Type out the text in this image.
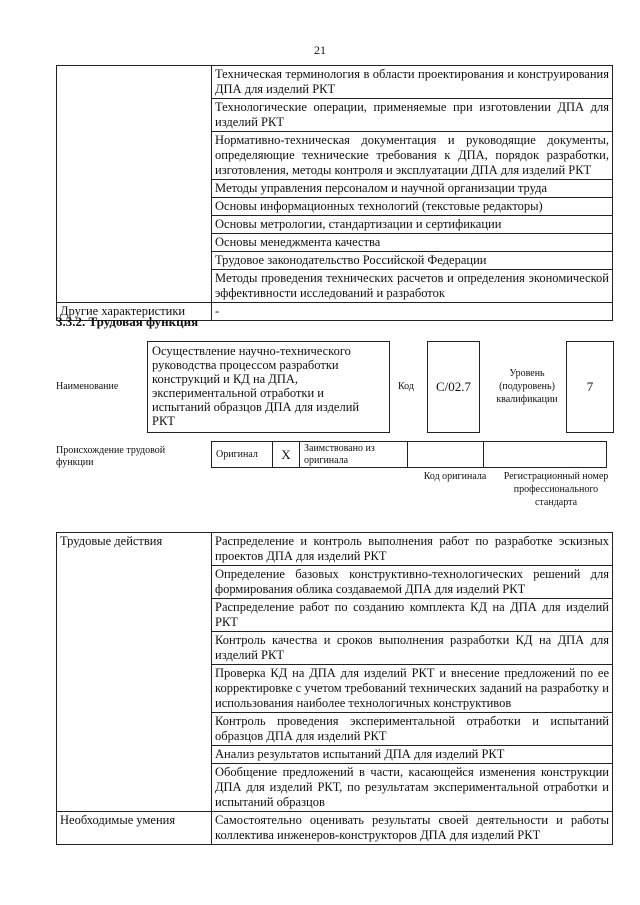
21
	Техническая терминология в области проектирования и конструирования ДПА для изделий РКТ
	Технологические операции, применяемые при изготовлении ДПА для изделий РКТ
	Нормативно-техническая документация и руководящие документы, определяющие технические требования к ДПА, порядок разработки, изготовления, методы контроля и эксплуатации ДПА для изделий РКТ
	Методы управления персоналом и научной организации труда
	Основы информационных технологий (текстовые редакторы)
	Основы метрологии, стандартизации и сертификации
	Основы менеджмента качества
	Трудовое законодательство Российской Федерации
	Методы проведения технических расчетов и определения экономической эффективности исследований и разработок
Другие характеристики	-
3.3.2. Трудовая функция
Наименование
Осуществление научно-технического руководства процессом разработки конструкций и КД на ДПА, экспериментальной отработки и испытаний образцов ДПА для изделий РКТ
Код	C/02.7
Уровень (подуровень) квалификации
7
Происхождение трудовой функции
Оригинал	X	Заимствовано из оригинала		
Код оригинала	Регистрационный номер профессионального стандарта
Трудовые действия	Распределение и контроль выполнения работ по разработке эскизных проектов ДПА для изделий РКТ
	Определение базовых конструктивно-технологических решений для формирования облика создаваемой ДПА для изделий РКТ
	Распределение работ по созданию комплекта КД на ДПА для изделий РКТ
	Контроль качества и сроков выполнения разработки КД на ДПА для изделий РКТ
	Проверка КД на ДПА для изделий РКТ и внесение предложений по ее корректировке с учетом требований технических заданий на разработку и использования наиболее технологичных конструктивов
	Контроль проведения экспериментальной отработки и испытаний образцов ДПА для изделий РКТ
	Анализ результатов испытаний ДПА для изделий РКТ
	Обобщение предложений в части, касающейся изменения конструкции ДПА для изделий РКТ, по результатам экспериментальной отработки и испытаний образцов
Необходимые умения	Самостоятельно оценивать результаты своей деятельности и работы коллектива инженеров-конструкторов ДПА для изделий РКТ
